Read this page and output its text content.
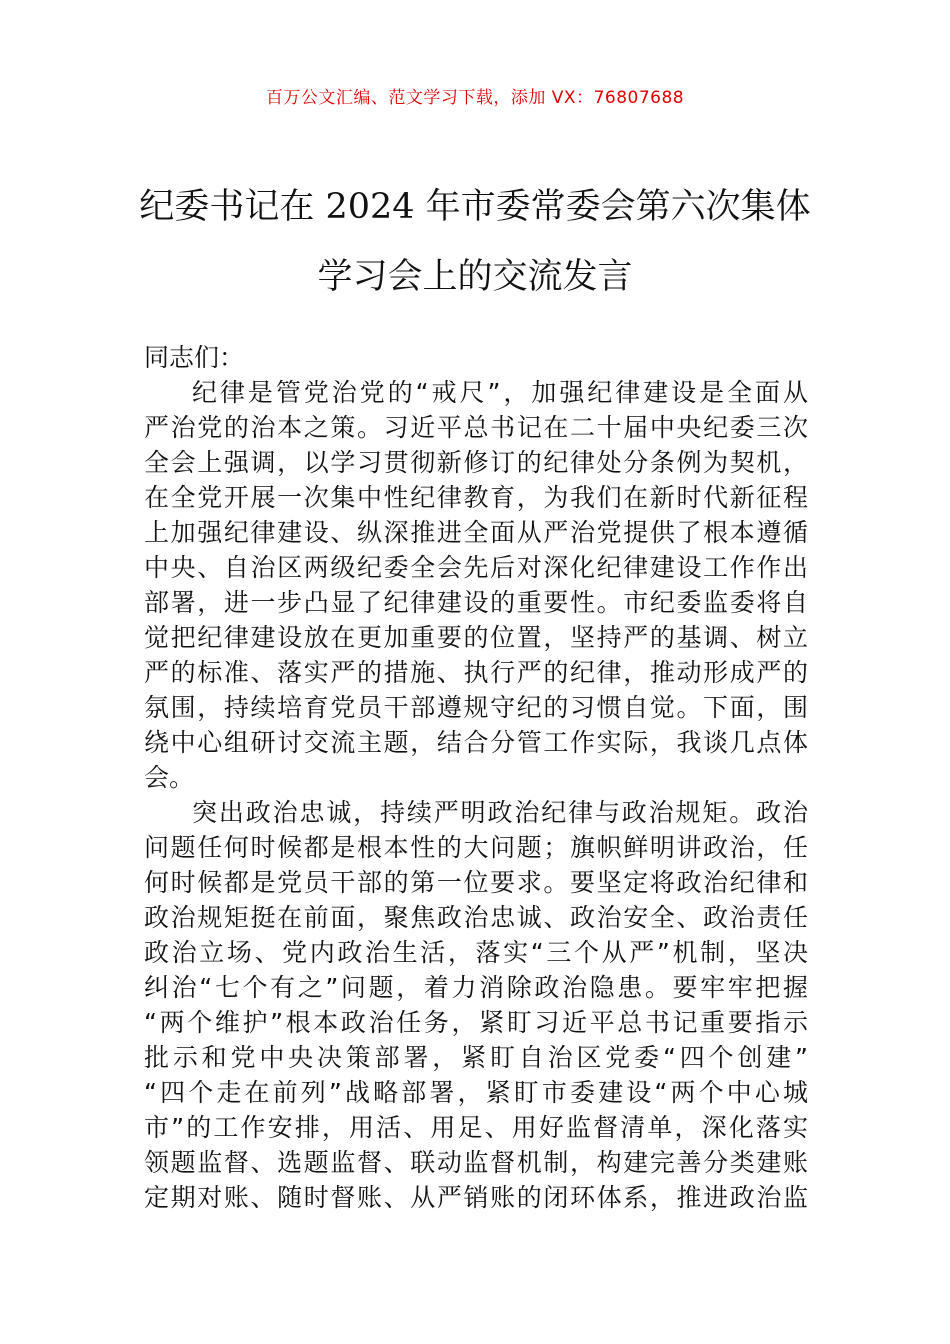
百万公文汇编、范文学习下载，添加 VX：76807688
纪委书记在 2024 年市委常委会第六次集体
学习会上的交流发言
同志们：
纪律是管党治党的“戒尺”，加强纪律建设是全面从
严治党的治本之策。习近平总书记在二十届中央纪委三次
全会上强调，以学习贯彻新修订的纪律处分条例为契机，
在全党开展一次集中性纪律教育，为我们在新时代新征程
上加强纪律建设、纵深推进全面从严治党提供了根本遵循
中央、自治区两级纪委全会先后对深化纪律建设工作作出
部署，进一步凸显了纪律建设的重要性。市纪委监委将自
觉把纪律建设放在更加重要的位置，坚持严的基调、树立
严的标准、落实严的措施、执行严的纪律，推动形成严的
氛围，持续培育党员干部遵规守纪的习惯自觉。下面，围
绕中心组研讨交流主题，结合分管工作实际，我谈几点体
会。
突出政治忠诚，持续严明政治纪律与政治规矩。政治
问题任何时候都是根本性的大问题；旗帜鲜明讲政治，任
何时候都是党员干部的第一位要求。要坚定将政治纪律和
政治规矩挺在前面，聚焦政治忠诚、政治安全、政治责任
政治立场、党内政治生活，落实“三个从严”机制，坚决
纠治“七个有之”问题，着力消除政治隐患。要牢牢把握
“两个维护”根本政治任务，紧盯习近平总书记重要指示
批示和党中央决策部署，紧盯自治区党委“四个创建”
“四个走在前列”战略部署，紧盯市委建设“两个中心城
市”的工作安排，用活、用足、用好监督清单，深化落实
领题监督、选题监督、联动监督机制，构建完善分类建账
定期对账、随时督账、从严销账的闭环体系，推进政治监
